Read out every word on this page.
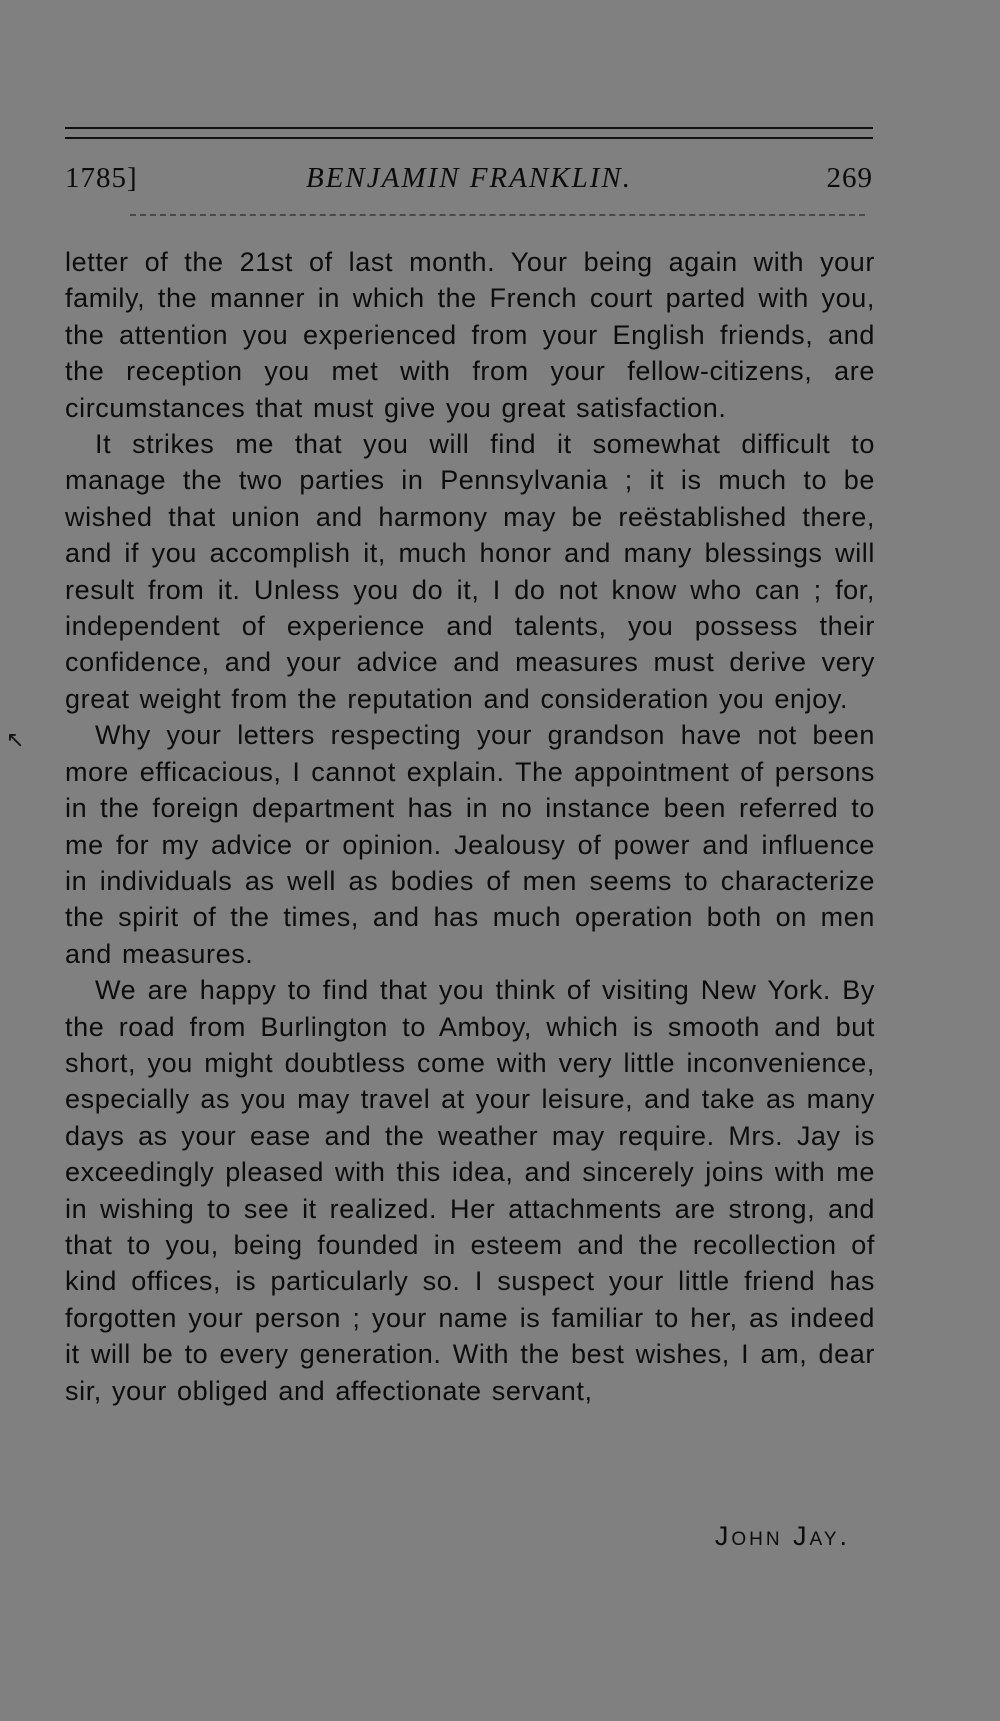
1785]	BENJAMIN FRANKLIN.	269
↖

letter of the 21st of last month. Your being again with your family, the manner in which the French court parted with you, the attention you experienced from your English friends, and the reception you met with from your fellow-citizens, are circumstances that must give you great satisfaction.

It strikes me that you will find it somewhat difficult to manage the two parties in Pennsylvania ; it is much to be wished that union and harmony may be reëstablished there, and if you accomplish it, much honor and many blessings will result from it. Unless you do it, I do not know who can ; for, independent of experience and talents, you possess their confidence, and your advice and measures must derive very great weight from the reputation and consideration you enjoy.

Why your letters respecting your grandson have not been more efficacious, I cannot explain. The appointment of persons in the foreign department has in no instance been referred to me for my advice or opinion. Jealousy of power and influence in individuals as well as bodies of men seems to characterize the spirit of the times, and has much operation both on men and measures.

We are happy to find that you think of visiting New York. By the road from Burlington to Amboy, which is smooth and but short, you might doubtless come with very little inconvenience, especially as you may travel at your leisure, and take as many days as your ease and the weather may require. Mrs. Jay is exceedingly pleased with this idea, and sincerely joins with me in wishing to see it realized. Her attachments are strong, and that to you, being founded in esteem and the recollection of kind offices, is particularly so. I suspect your little friend has forgotten your person ; your name is familiar to her, as indeed it will be to every generation. With the best wishes, I am, dear sir, your obliged and affectionate servant,

John Jay.
